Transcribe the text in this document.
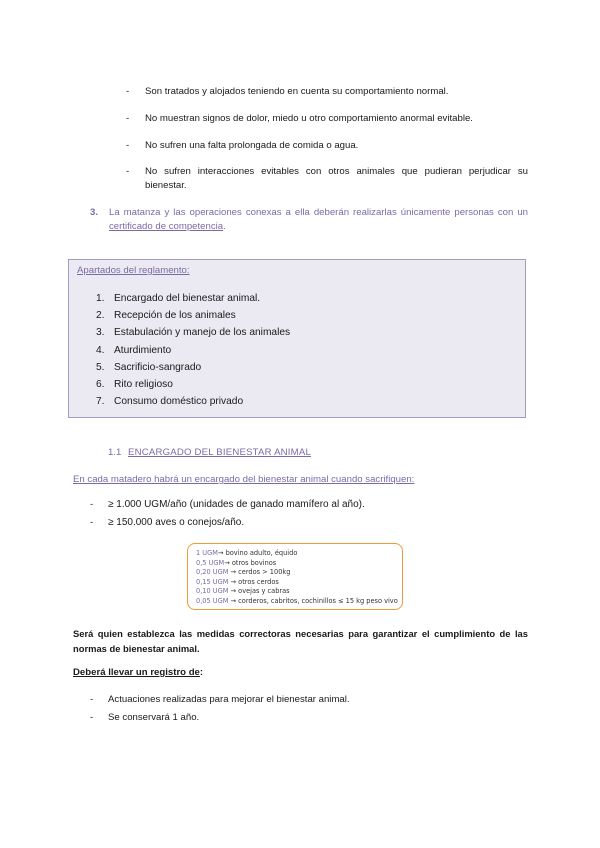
- Son tratados y alojados teniendo en cuenta su comportamiento normal.
- No muestran signos de dolor, miedo u otro comportamiento anormal evitable.
- No sufren una falta prolongada de comida o agua.
- No sufren interacciones evitables con otros animales que pudieran perjudicar su bienestar.
3. La matanza y las operaciones conexas a ella deberán realizarlas únicamente personas con un certificado de competencia.
Apartados del reglamento:
1. Encargado del bienestar animal.
2. Recepción de los animales
3. Estabulación y manejo de los animales
4. Aturdimiento
5. Sacrificio-sangrado
6. Rito religioso
7. Consumo doméstico privado
1.1 ENCARGADO DEL BIENESTAR ANIMAL
En cada matadero habrá un encargado del bienestar animal cuando sacrifiquen:
- ≥ 1.000 UGM/año (unidades de ganado mamífero al año).
- ≥ 150.000 aves o conejos/año.
1 UGM→ bovino adulto, équido
0,5 UGM→ otros bovinos
0,20 UGM → cerdos > 100kg
0,15 UGM → otros cerdos
0,10 UGM → ovejas y cabras
0,05 UGM → corderos, cabritos, cochinillos ≤ 15 kg peso vivo
Será quien establezca las medidas correctoras necesarias para garantizar el cumplimiento de las normas de bienestar animal.
Deberá llevar un registro de:
- Actuaciones realizadas para mejorar el bienestar animal.
- Se conservará 1 año.
